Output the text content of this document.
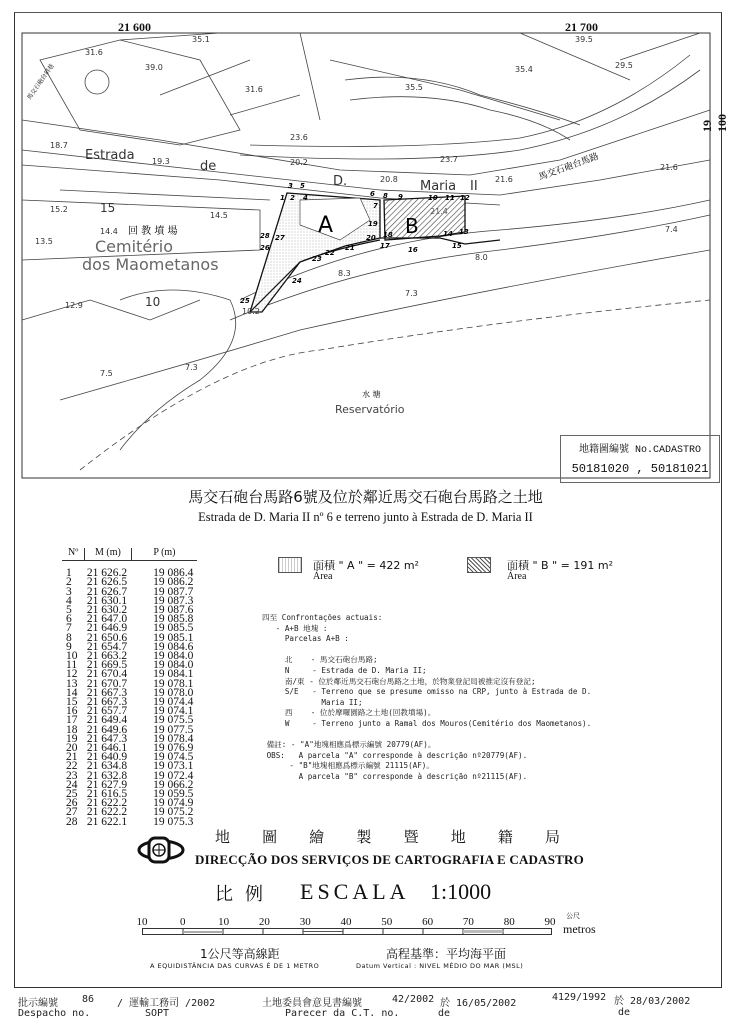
21 600	21 700
19 100
A	B
Estrada
de
D.	Maria II
馬交石砲台馬路
馬交石砲台斜巷
回 教 墳 場
Cemitério
dos Maometanos
水 塘
Reservatório
35.1
31.6
39.0
31.6	35.5
35.4
39.5
29.5
23.6
18.7
19.3	20.2
20.8
23.7
21.6
21.6
15.2	15
14.5
14.4
13.5
12.9	10
8.3
7.3
8.0
7.4
7.5
7.3
21.4
10.2
1 2
3
4
5
6
7
8 9	10 11 12
13
14
15
16
17
18
19
20
21
22
23
24
25
26
27
28
地籍圖編號 No.CADASTRO
50181020 , 50181021
馬交石砲台馬路6號及位於鄰近馬交石砲台馬路之土地
Estrada de D. Maria II nº 6 e terreno junto à Estrada de D. Maria II
Nº	M (m)	P (m)
1	21 626.2	19 086.4
2	21 626.5	19 086.2
3	21 626.7	19 087.7
4	21 630.1	19 087.3
5	21 630.2	19 087.6
6	21 647.0	19 085.8
7	21 646.9	19 085.5
8	21 650.6	19 085.1
9	21 654.7	19 084.6
10	21 663.2	19 084.0
11	21 669.5	19 084.0
12	21 670.4	19 084.1
13	21 670.7	19 078.1
14	21 667.3	19 078.0
15	21 667.3	19 074.4
16	21 657.7	19 074.1
17	21 649.4	19 075.5
18	21 649.6	19 077.5
19	21 647.3	19 078.4
20	21 646.1	19 076.9
21	21 640.9	19 074.5
22	21 634.8	19 073.1
23	21 632.8	19 072.4
24	21 627.9	19 066.2
25	21 616.5	19 059.5
26	21 622.2	19 074.9
27	21 622.2	19 075.2
28	21 622.1	19 075.3
面積 " A " = 422 m²
Área
面積 " B " = 191 m²
Área
四至 Confrontações actuais:
- A+B 地塊 :
Parcelas A+B :
北    - 馬交石砲台馬路;
N     - Estrada de D. Maria II;
南/東 - 位於鄰近馬交石砲台馬路之土地，於物業登記局被推定沒有登記;
S/E   - Terreno que se presume omisso na CRP, junto à Estrada de D.
Maria II;
西    - 位於摩囉園路之土地(回教墳場)。
W     - Terreno junto a Ramal dos Mouros(Cemitério dos Maometanos).
備註: - "A"地塊相應爲標示編號 20779(AF)。
OBS:   A parcela "A" corresponde à descrição nº20779(AF).
- "B"地塊相應爲標示編號 21115(AF)。
A parcela "B" corresponde à descrição nº21115(AF).
地 圖 繪 製 暨 地 籍 局
DIRECÇÃO DOS SERVIÇOS DE CARTOGRAFIA E CADASTRO
比例 ESCALA 1:1000
10	0	10	20	30	40	50	60	70	80	90 公尺
metros
1公尺等高線距
A EQUIDISTÂNCIA DAS CURVAS É DE 1 METRO
高程基準：平均海平面
Datum Vertical : NIVEL MÉDIO DO MAR (MSL)
批示編號 86 / 運輸工務司 /2002
Despacho no.	SOPT
土地委員會意見書編號	42/2002 於 16/05/2002
Parecer da C.T. no.	de
4129/1992 於 28/03/2002
de
